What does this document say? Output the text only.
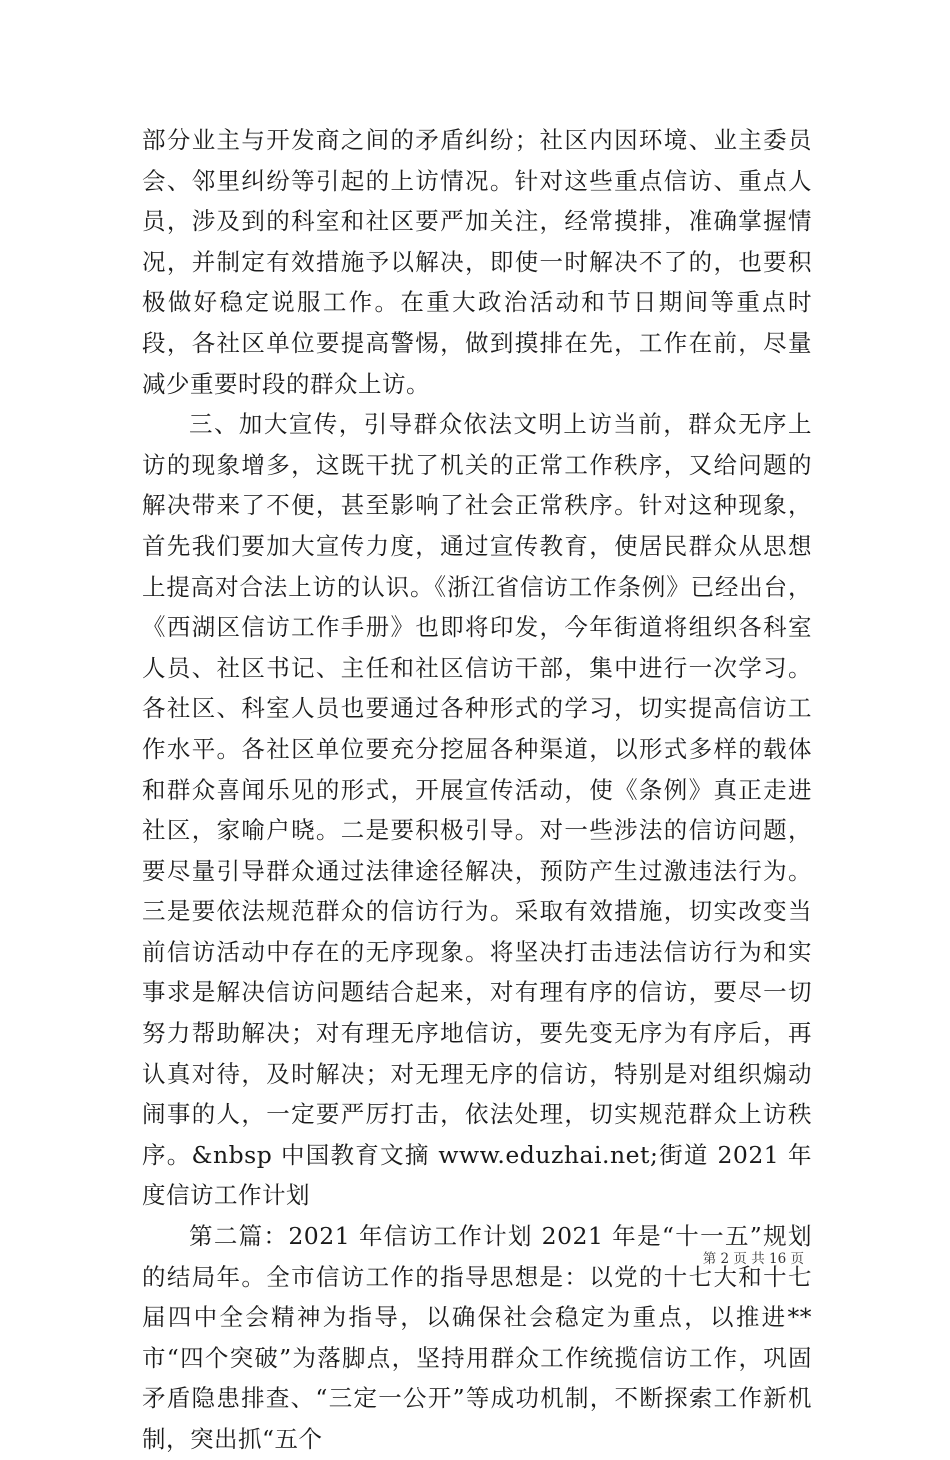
部分业主与开发商之间的矛盾纠纷；社区内因环境、业主委员会、邻里纠纷等引起的上访情况。针对这些重点信访、重点人员，涉及到的科室和社区要严加关注，经常摸排，准确掌握情况，并制定有效措施予以解决，即使一时解决不了的，也要积极做好稳定说服工作。在重大政治活动和节日期间等重点时段，各社区单位要提高警惕，做到摸排在先，工作在前，尽量减少重要时段的群众上访。

三、加大宣传，引导群众依法文明上访当前，群众无序上访的现象增多，这既干扰了机关的正常工作秩序，又给问题的解决带来了不便，甚至影响了社会正常秩序。针对这种现象，首先我们要加大宣传力度，通过宣传教育，使居民群众从思想上提高对合法上访的认识。《浙江省信访工作条例》已经出台，《西湖区信访工作手册》也即将印发，今年街道将组织各科室人员、社区书记、主任和社区信访干部，集中进行一次学习。各社区、科室人员也要通过各种形式的学习，切实提高信访工作水平。各社区单位要充分挖屈各种渠道，以形式多样的载体和群众喜闻乐见的形式，开展宣传活动，使《条例》真正走进社区，家喻户晓。二是要积极引导。对一些涉法的信访问题，要尽量引导群众通过法律途径解决，预防产生过激违法行为。三是要依法规范群众的信访行为。采取有效措施，切实改变当前信访活动中存在的无序现象。将坚决打击违法信访行为和实事求是解决信访问题结合起来，对有理有序的信访，要尽一切努力帮助解决；对有理无序地信访，要先变无序为有序后，再认真对待，及时解决；对无理无序的信访，特别是对组织煽动闹事的人，一定要严厉打击，依法处理，切实规范群众上访秩序。&nbsp 中国教育文摘 www.eduzhai.net;街道 2021 年度信访工作计划

第二篇：2021 年信访工作计划 2021 年是“十一五”规划的结局年。全市信访工作的指导思想是：以党的十七大和十七届四中全会精神为指导，以确保社会稳定为重点，以推进**市“四个突破”为落脚点，坚持用群众工作统揽信访工作，巩固矛盾隐患排查、“三定一公开”等成功机制，不断探索工作新机制，突出抓“五个

第 2 页 共 16 页
